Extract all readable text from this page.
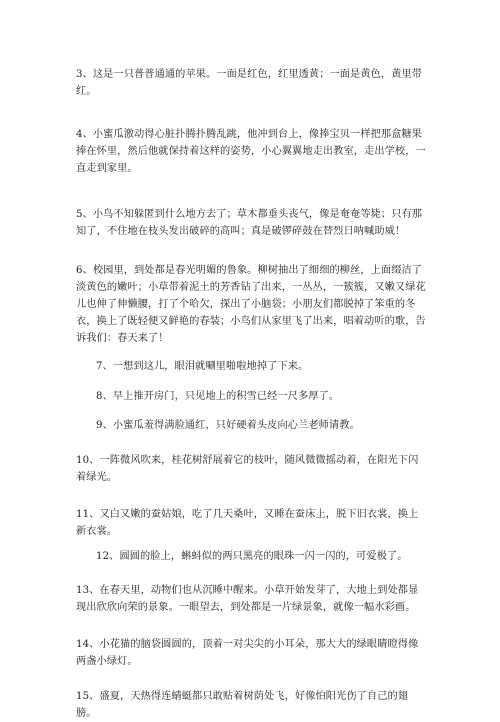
3、这是一只普普通通的苹果。一面是红色，红里透黄；一面是黄色，黄里带红。

4、小蜜瓜激动得心脏扑腾扑腾乱跳，他冲到台上，像捧宝贝一样把那盒糖果捧在怀里，然后他就保持着这样的姿势，小心翼翼地走出教室，走出学校，一直走到家里。

5、小鸟不知躲匿到什么地方去了；草木都垂头丧气，像是奄奄等毙；只有那知了，不住地在枝头发出破碎的高叫；真是破锣碎鼓在替烈日呐喊助威！

6、校园里，到处都是春光明媚的鲁象。柳树抽出了细细的柳丝，上面缀洁了淡黄色的嫩叶；小草带着泥土的芳香钻了出来，一丛丛，一簇簇，又嫩又绿花儿也伸了伸懒腰，打了个哈欠，探出了小脑袋；小朋友们都脱掉了笨重的冬衣，换上了既轻便又鲜艳的春装；小鸟们从家里飞了出来，唱着动听的歌，告诉我们：春天来了！

7、一想到这儿，眼泪就唰里啪啦地掉了下来。

8、早上推开房门，只见地上的积雪已经一尺多厚了。

9、小蜜瓜羞得满脸通红，只好硬着头皮向心兰老师请教。

10、一阵微风吹来，桂花树舒展着它的枝叶，随风微微摇动着，在阳光下闪着绿光。

11、又白又嫩的蚕姑娘，吃了几天桑叶，又睡在蚕床上，脱下旧衣裳，换上新衣裳。

12、圆圆的脸上，蝌蚪似的两只黑亮的眼珠一闪一闪的，可爱极了。

13、在春天里，动物们也从沉睡中醒来。小草开始发芽了，大地上到处都显现出欣欣向荣的景象。一眼望去，到处都是一片绿景象，就像一幅水彩画。

14、小花猫的脑袋圆圆的，顶着一对尖尖的小耳朵，那大大的绿眼睛瞪得像两盏小绿灯。

15、盛夏，天热得连蜻蜓都只敢贴着树荫处飞，好像怕阳光伤了自己的翅膀。
